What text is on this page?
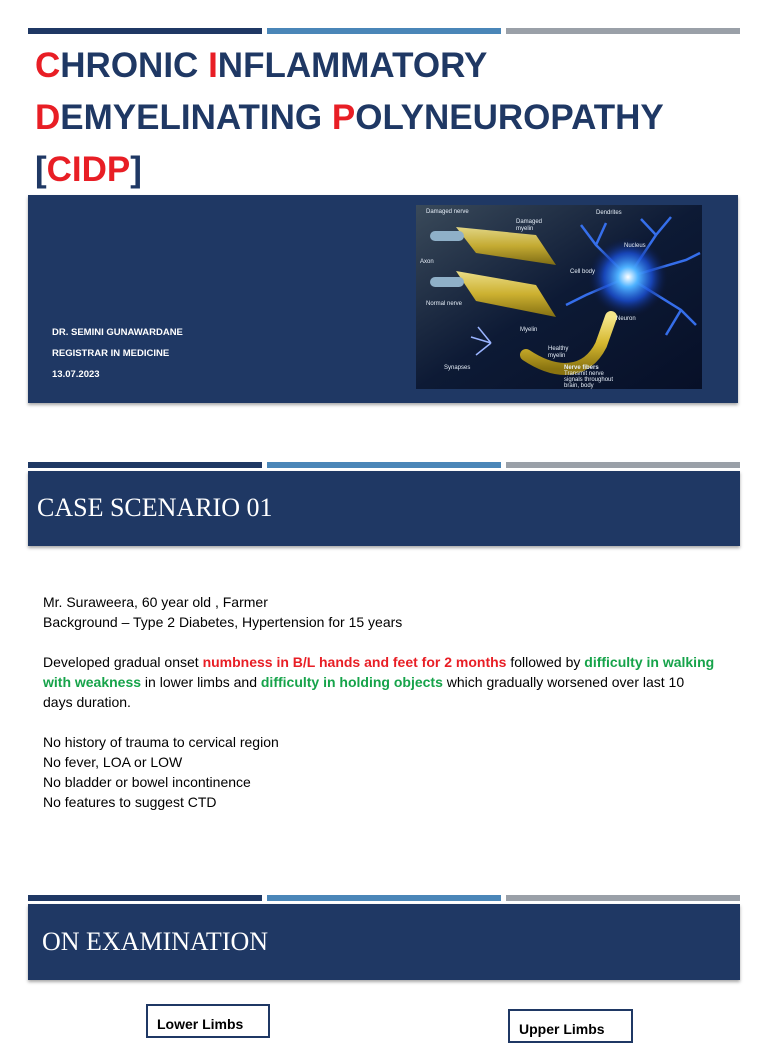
CHRONIC INFLAMMATORY
DEMYELINATING POLYNEUROPATHY
[CIDP]
DR. SEMINI GUNAWARDANE
REGISTRAR IN MEDICINE
13.07.2023
Damaged nerve
Damaged
myelin
Dendrites
Axon
Nucleus
Cell body
Normal nerve
Myelin
Neuron
Healthy
myelin
Synapses	Nerve fibers
Transmit nerve
signals throughout
brain, body
CASE SCENARIO 01

Mr. Suraweera, 60 year old , Farmer

Background – Type 2 Diabetes, Hypertension for 15 years

Developed gradual onset numbness in B/L hands and feet for 2 months followed by difficulty in walking with weakness in lower limbs and difficulty in holding objects which gradually worsened over last 10 days duration.

No history of trauma to cervical region

No fever, LOA or LOW

No bladder or bowel incontinence

No features to suggest CTD

ON EXAMINATION
Lower Limbs	Upper Limbs
